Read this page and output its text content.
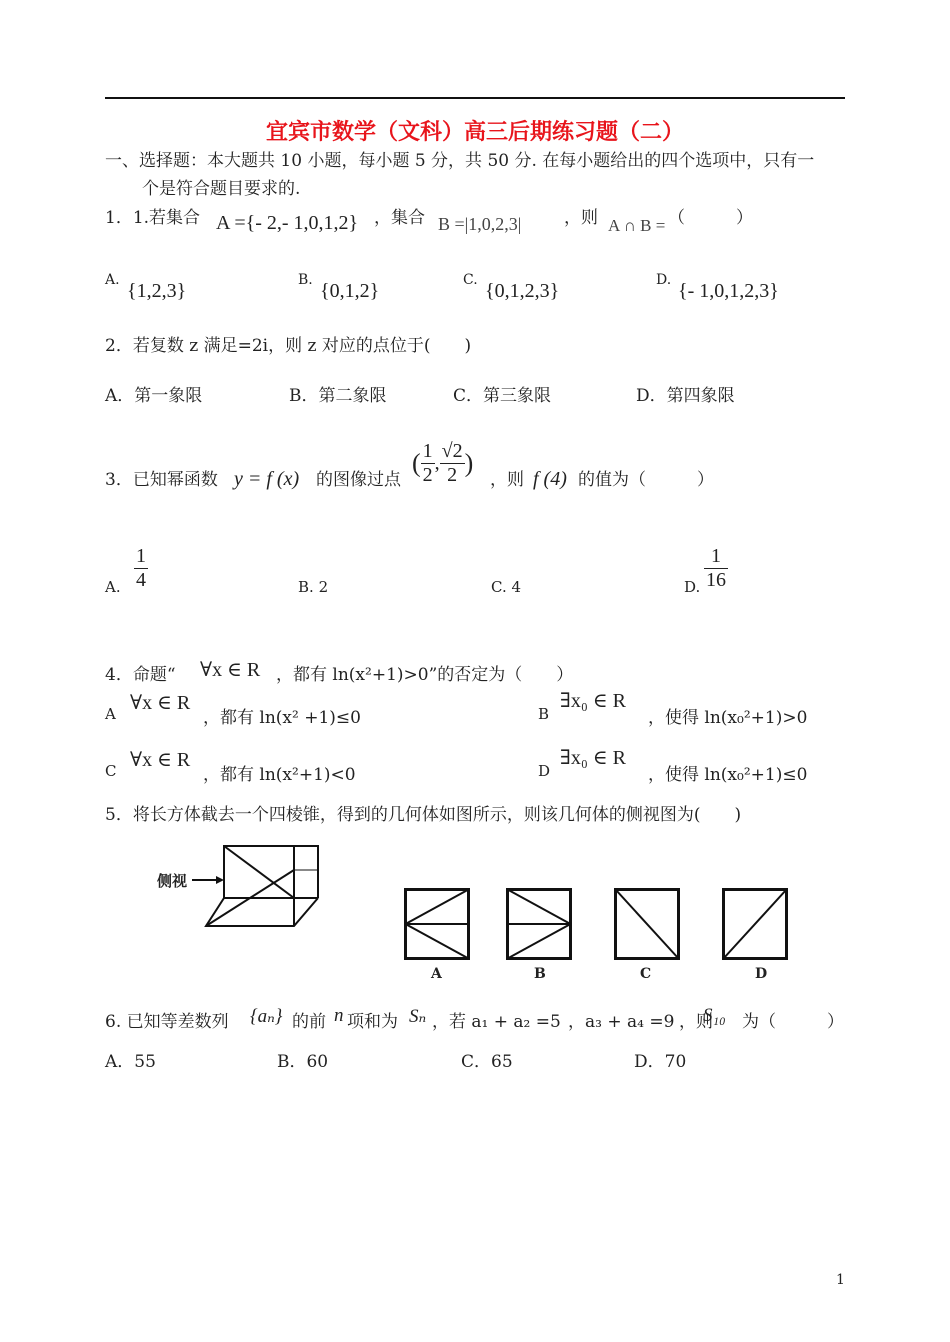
宜宾市数学（文科）高三后期练习题（二）
一、选择题：本大题共 10 小题，每小题 5 分，共 50 分. 在每小题给出的四个选项中，只有一
个是符合题目要求的.
1．1.若集合 A ={- 2,- 1,0,1,2} ，集合 B =|1,0,2,3|	，则 A ∩ B = （　　　）
A. {1,2,3}	B. {0,1,2}	C. {0,1,2,3}	D. {- 1,0,1,2,3}
2．若复数 z 满足=2i，则 z 对应的点位于(　　)
A．第一象限	B．第二象限	C．第三象限	D．第四象限
3．已知幂函数 y = f (x) 的图像过点
( $\frac{1}{2}$ , $\frac{√2}{2}$ )
，则 f (4) 的值为（　　　）
A. $\frac{1}{4}$	B. 2	C. 4	D. $\frac{1}{16}$
4．命题“ ∀x ∈ R ，都有 ln(x²+1)>0”的否定为（　　）
A ∀x ∈ R
，都有 ln(x² +1)≤0	B
∃x₀ ∈ R
，使得 ln(x₀²+1)>0
C ∀x ∈ R
，都有 ln(x²+1)<0	D
∃x₀ ∈ R
，使得 ln(x₀²+1)≤0
5．将长方体截去一个四棱锥，得到的几何体如图所示，则该几何体的侧视图为(　　)
侧视
A	B	C	D
6. 已知等差数列 {aₙ} 的前 n 项和为 Sₙ ，若 a₁ + a₂ =5 ，a₃ + a₄ =9 ，则
S₁₀ 为（　　　）
A．55	B．60	C．65	D．70
1
